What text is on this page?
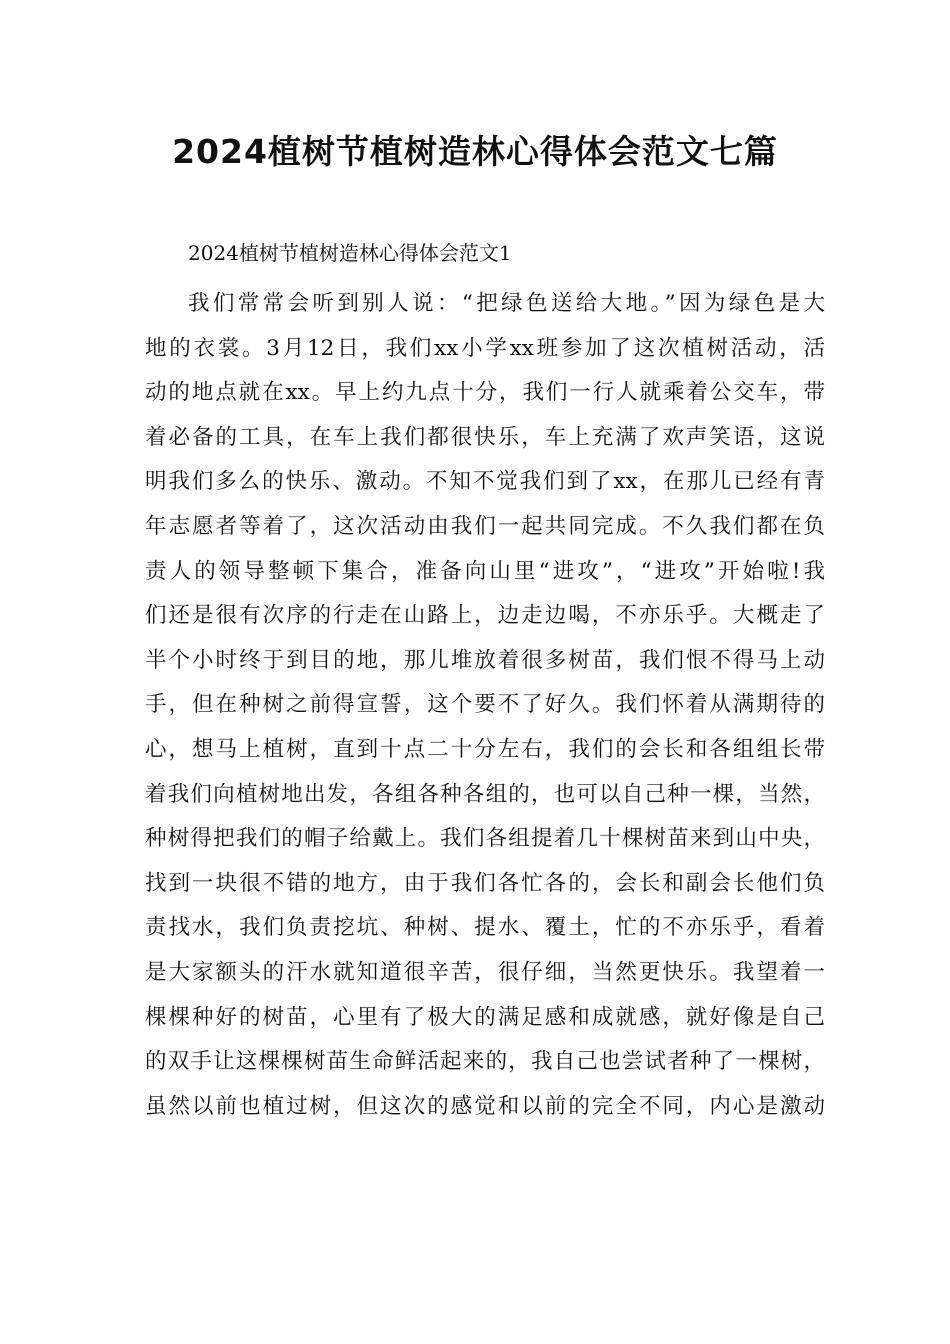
2024植树节植树造林心得体会范文七篇

2024植树节植树造林心得体会范文1

我们常常会听到别人说：“把绿色送给大地。”因为绿色是大
地的衣裳。3月12日，我们xx小学xx班参加了这次植树活动，活
动的地点就在xx。早上约九点十分，我们一行人就乘着公交车，带
着必备的工具，在车上我们都很快乐，车上充满了欢声笑语，这说
明我们多么的快乐、激动。不知不觉我们到了xx，在那儿已经有青
年志愿者等着了，这次活动由我们一起共同完成。不久我们都在负
责人的领导整顿下集合，准备向山里“进攻”，“进攻”开始啦!我
们还是很有次序的行走在山路上，边走边喝，不亦乐乎。大概走了
半个小时终于到目的地，那儿堆放着很多树苗，我们恨不得马上动
手，但在种树之前得宣誓，这个要不了好久。我们怀着从满期待的
心，想马上植树，直到十点二十分左右，我们的会长和各组组长带
着我们向植树地出发，各组各种各组的，也可以自己种一棵，当然，
种树得把我们的帽子给戴上。我们各组提着几十棵树苗来到山中央，
找到一块很不错的地方，由于我们各忙各的，会长和副会长他们负
责找水，我们负责挖坑、种树、提水、覆土，忙的不亦乐乎，看着
是大家额头的汗水就知道很辛苦，很仔细，当然更快乐。我望着一
棵棵种好的树苗，心里有了极大的满足感和成就感，就好像是自己
的双手让这棵棵树苗生命鲜活起来的，我自己也尝试者种了一棵树，
虽然以前也植过树，但这次的感觉和以前的完全不同，内心是激动
